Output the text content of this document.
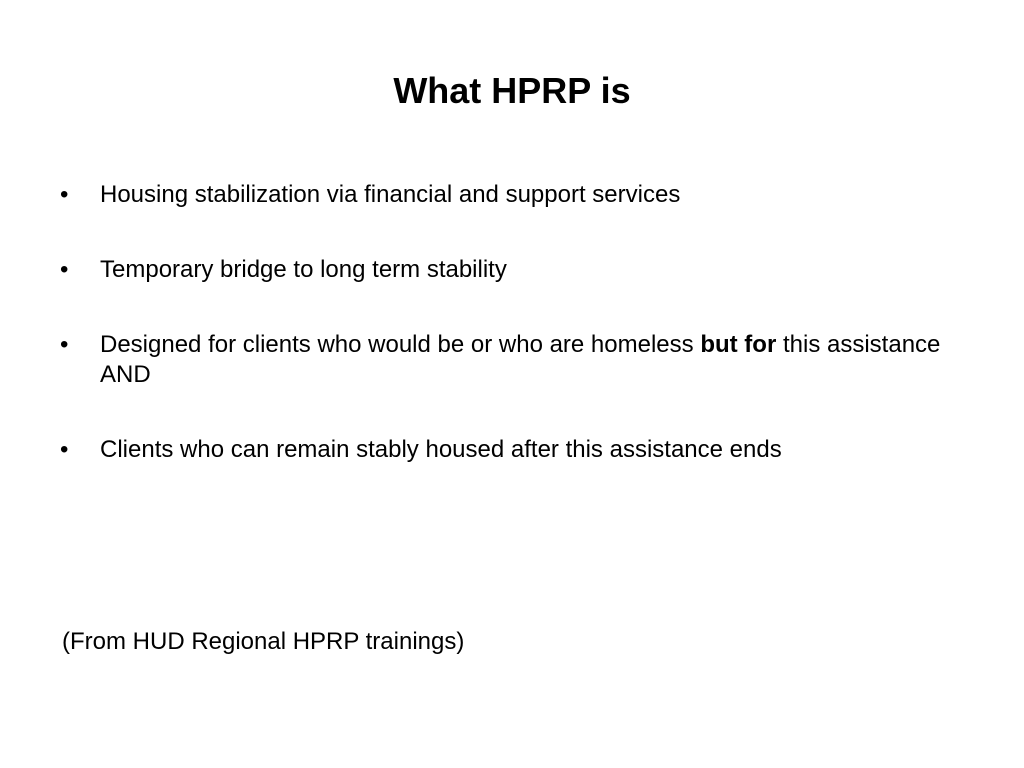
What HPRP is
•	Housing stabilization via financial and support services
•	Temporary bridge to long term stability
•	Designed for clients who would be or who are homeless but for this assistance AND
•	Clients who can remain stably housed after this assistance ends
(From HUD Regional HPRP trainings)
